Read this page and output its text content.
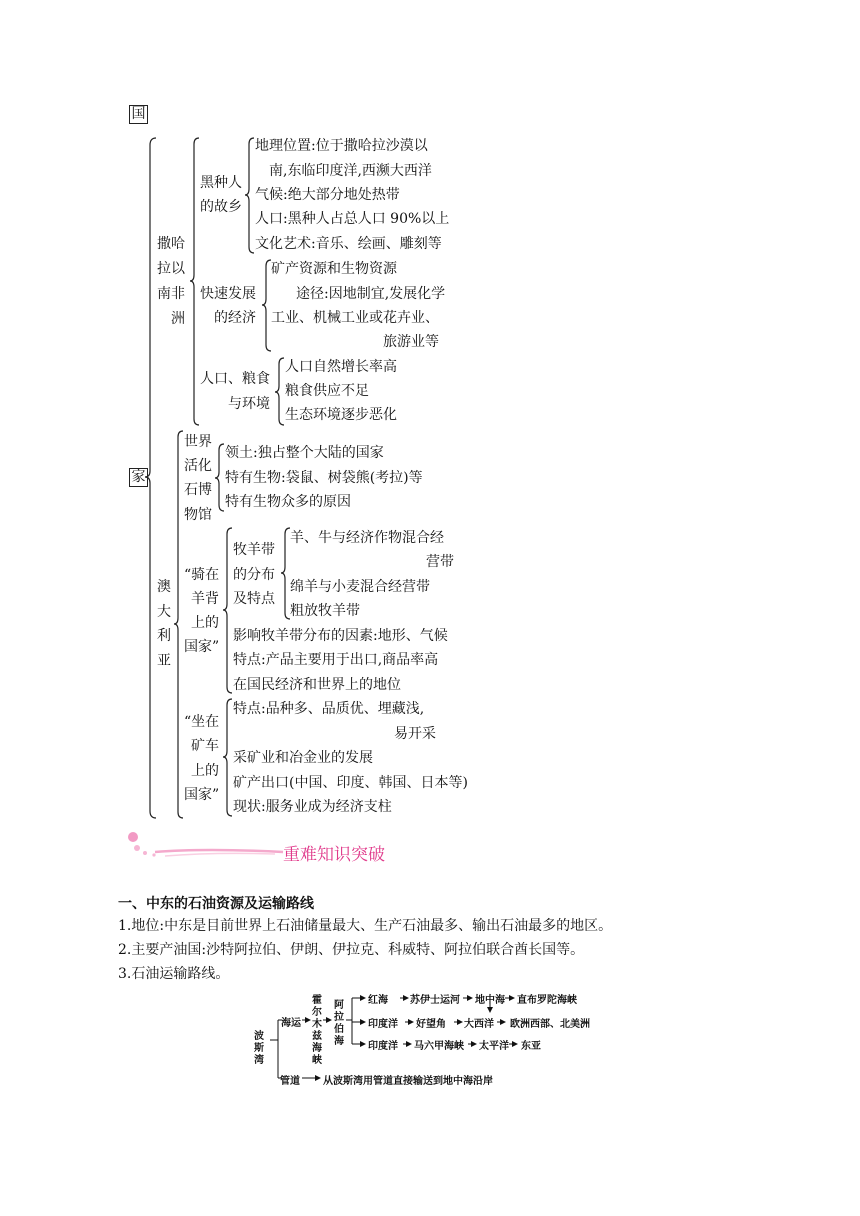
国
家
撒哈
拉以
南非
洲
黑种人
的故乡
地理位置:位于撒哈拉沙漠以
南,东临印度洋,西濒大西洋
气候:绝大部分地处热带
人口:黑种人占总人口 90%以上
文化艺术:音乐、绘画、雕刻等
快速发展
的经济
矿产资源和生物资源
途径:因地制宜,发展化学
工业、机械工业或花卉业、
旅游业等
人口、粮食
与环境
人口自然增长率高
粮食供应不足
生态环境逐步恶化
澳
大
利
亚
世界
活化
石博
物馆
领土:独占整个大陆的国家
特有生物:袋鼠、树袋熊(考拉)等
特有生物众多的原因
“骑在
羊背
上的
国家”
牧羊带
的分布
及特点
羊、牛与经济作物混合经
营带
绵羊与小麦混合经营带
粗放牧羊带
影响牧羊带分布的因素:地形、气候
特点:产品主要用于出口,商品率高
在国民经济和世界上的地位
“坐在
矿车
上的
国家”
特点:品种多、品质优、埋藏浅,
易开采
采矿业和冶金业的发展
矿产出口(中国、印度、韩国、日本等)
现状:服务业成为经济支柱
重难知识突破
一、中东的石油资源及运输路线
1.地位:中东是目前世界上石油储量最大、生产石油最多、输出石油最多的地区。
2.主要产油国:沙特阿拉伯、伊朗、伊拉克、科威特、阿拉伯联合酋长国等。
3.石油运输路线。
波斯湾
海运
管道
霍尔木兹海峡
阿拉伯海
红海 苏伊士运河 地中海 直布罗陀海峡
印度洋 好望角 大西洋 欧洲西部、北美洲
印度洋 马六甲海峡 太平洋 东亚
从波斯湾用管道直接输送到地中海沿岸
